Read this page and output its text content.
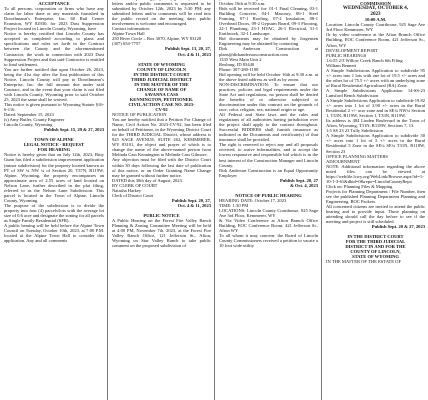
ACCEPTANCE

To all persons, corporation or firms who have any claim for labor done or any materials furnished in Dorothmann’s Enterprise, Inc. 60 Rail Center Evanston, WY 82930, for 2023 Dust Suppression Project located in Lincoln County, Wyoming, have

Notice is hereby certified that Lincoln County has accepted as completed according to plans and specifications and rules set forth in the Contract between the County and the aforementioned Contractor, the work in connection with 2023 Dust Suppression Project and that said Contractor is entitled to final settlement.

You are further notified that upon October 26, 2023, being the 41st day after the first publication of this Notice, Lincoln County will pay to Dorothmann’s Enterprise, Inc. the full amount due under said Contract, and in the event that your claim is not filed with Lincoln County, Wyoming prior to said October 25, 2023 the same shall be waived.

This notice is given pursuant to Wyoming Statute §16-6-116.

Dated: September 15, 2023

(s) Amy Butler, County Engineer

Lincoln County, Wyoming

Publish Sept. 15, 29 & 27, 2023

TOWN OF ALPINE

LEGAL NOTICE - REQUEST

FOR HEARING

Notice is hereby given that on July 12th, 2023, Bitty Gunn has filed a subdivision improvement application (minor subdivision) for the property located known as PT of SW ¼ NW ¼ of Section 20, T37N, R119W, Alpine, Wyoming, the property encompasses an approximate area of 2.55 acres of land located on Nelson Lane, further described in the plat filing, referred to as the Nelson Lane Subdivision. This parcel is located in the Town of Alpine, Lincoln County, Wyoming.

The purpose of the subdivision is to divide the property into four (4) parcels/lots with the average lot size of 0.6 acre and designate the zoning for all parcels as Single Family Residential (SFR).

A public hearing will be held before the Alpine Town Council on Tuesday, October 10th, 2023, at 7:00 P.M. located at the Alpine Town Hall to consider this application. Any and all comments

letters and/or public comments is requested to be submitted by October 12th, 2023 by 5:30 PM; any submitted letters and/or comments will be read into the public record on the meeting date; public involvement is welcome and encouraged.

Contact information:

Alpine Town Hall

250 River Circle – Box 3070, Alpine, WY 83128

(307) 654-7757

Publish Sept. 13, 20, 27,

Oct. 4 & 11, 2023

STATE OF WYOMING

COUNTY OF LINCOLN

IN THE DISTRICT COURT

THIRD JUDICIAL DISTRICT

IN THE MATTER OF THE

CHANGE OF NAME OF

SAVANNA CASS

KENNINGTON, PETITIONER.

CIVIL ACTION CASE NO. 2023-

CV-92

NOTICE OF PUBLICATION

You are hereby notified that a Petition For Change of Name, Civil Action No. 2023-CV-92, has been filed on behalf of Petitioner, in the Wyoming District Court for the THIRD JUDICIAL District, whose address is 925 SAGE AVENUE, SUITE 202, KEMMERER, WY 83101, the object and prayer of which is to change the name of the above-named person from Melinda Cass Kennington to Melinda Cass Gilmore.

Any objection must be filed with the District Court within 30 days following the last date of publication of this notice, or an Order Granting Name Change may be granted without further notice.

DATED this 30th day of August, 2023.

BY CLERK OF COURT

Natasha Harkey

Clerk of District Court

Publish Sept. 20, 27,

Oct. 4 & 11, 2023

PUBLIC NOTICE

A Public Hearing on the Forest Fire Valley Ranch Planning & Zoning Committee Meeting will be held at 4:00 PM, November 7th, 2023, at the Forest Fire Valley Ranch Office, 121 Jefferson St., Afton, Wyoming on Star Valley Ranch to take public comment on the proposed subdivision of

October 16th at 9:30 a.m.

Bids will be received for: 01-1 Final Cleaning, 03-1 Building Concrete, 04-1 Masonry, 06-1 Steel Framing, 07-1 Roofing, 07-2 Insulation, 08-1 Overhead Doors, 09-2 Gypsum Board, 09-3 Flooring, 22-1 Plumbing, 23-1 HVAC, 26-1 Electrical, 31-1 Earthwork, 32-1 Landscape.

Bid documents may be obtained by Jorgensen Engineering may be obtained by contacting

Dirk Anderson Construction at plans@dirkandersonconstruction.com

1335 West Main Unit 2

Rexburg, ID 83440

Phone: 307-280-1198

Bid opening will be held October 16th at 9:30 a.m. at the above listed address as well as by zoom.

NON-DISCRIMINATION: To ensure that our practices, policies and legal requirements under the State Act and regulations, no person shall be denied the benefits of or otherwise subjected to discrimination under this contract on the grounds of race, color, religion, sex, national origin or age.

All Federal and State laws and the rules and regulations of all authorities having jurisdiction over the project shall apply to the contract throughout. Successful BIDDERS shall furnish insurance as indicated in the Documents and certificate(s) of that insurance shall be provided.

The right is reserved to reject any and all proposals received, to waive informalities, and to accept the lowest responsive and responsible bid which is in the best interest of the Construction Manager and Lincoln County.

Dirk Anderson Construction is an Equal Opportunity Employer

Publish Sept. 20, 27

& Oct. 4, 2023

NOTICE OF PUBLIC HEARING

HEARING DATE: October 17, 2023

TIME: 1:30 PM

LOCATIONS: Lincoln County Courthouse, 925 Sage Ave 3rd Floor, Kemmerer, WY

& Via Video Conference at Afton Branch Office Building, EOC Conference Room, 421 Jefferson St., Afton WY

To all whom it may concern: the Board of Lincoln County Commissioners received a petition to vacate a 10 foot wide utility

COMMISSION

WEDNESDAY, OCTOBER 4,

2023

10:00 A.M.

Location: Lincoln County Courthouse, 925 Sage Ave 3rd Floor Kemmerer, WY

Or by video conference at the Afton Branch Office Building, EOC Conference Room, 421 Jefferson St., Afton, WY

DEVELOPMENT REPORT

PUBLIC HEARINGS

1.6:55 2/3 Willow Creek Ranch 6th Filing

William Bennett

A Simple Subdivisions Application to subdivide 95 +/- acres into 1 lots with one lot of 19.5 +/- acres and the other lot of 75.5 +/- acres with an underlying zone of Rural Residential Agricultural (RA) Zone.

A Simple Subdivisions Application 14-SS-23 Lunsford Bench Subdivision

A Simple Subdivisions Application to subdivide 19.82 +/- acres into 1 lot of 3.90 +/- acres in the Rural Residential 2 +/- acre zone and in SE¼ NW¼ Section 1, T33N, R119W, Section 1, T33N, R119W.

Its address is 484 Linden Boulevard in the Town of Afton, Wyoming, T31N, R118W, Sections 7, 13.

1:5 SS 23 23 Tully Subdivision

A Simple Subdivisions Application to subdivide 50 +/- acres into 1 lot of 5 +/- acres in the Rural Residential 5 Zone in the SE¼ SE¼ T31N, R118W, Section 23

OFFICE PLANNING MATTERS

ADJOURNMENT

NOTE: Additional information regarding the above noted files can be viewed at https://webfile.lcwy.org/WebLink/Browse.aspx?id=1-10-1-3-61&dbid=0&repo=LincolnCountyRepo

Click on: Planning Files & Mapping

Projects for Planning Department / File Number, then see the published Planning Department Planning and Engineering, BOC Packets.

All concerned citizens are invited to attend the public hearing and to provide input. Those planning on attending should call the day before to see if the meeting and project is still scheduled.

Publish Sept. 20 & 27, 2023

IN THE DISTRICT COURT

FOR THE THIRD JUDICIAL

DISTRICT IN AND FOR THE

COUNTY OF LINCOLN,

STATE OF WYOMING

IN THE MATTER OF THE ESTATE OF
